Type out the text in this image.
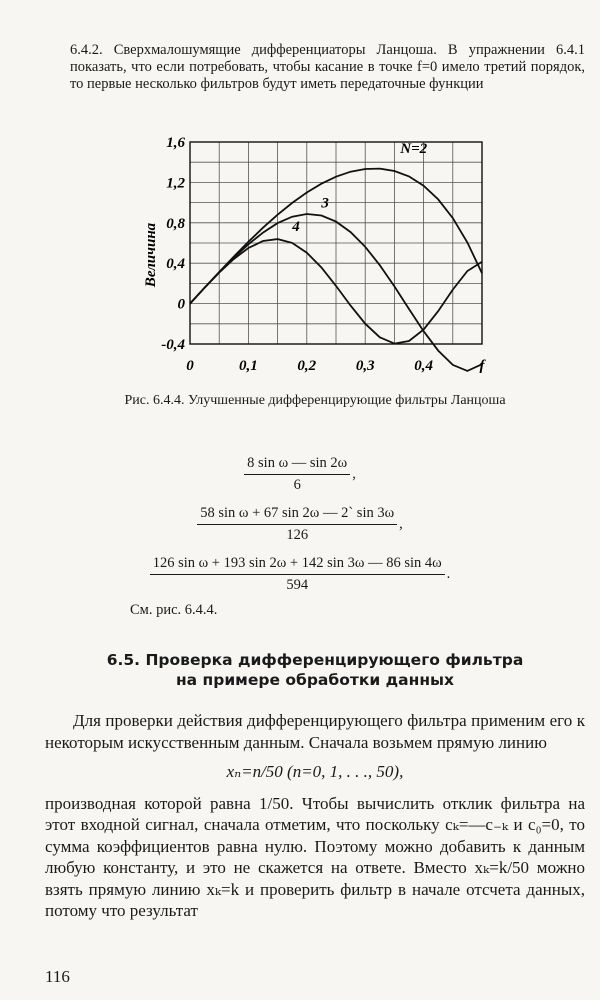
6.4.2. Сверхмалошумящие дифференциаторы Ланцоша. В упражнении 6.4.1 показать, что если потребовать, чтобы касание в точке f=0 имело третий порядок, то первые несколько фильтров будут иметь передаточные функции
N=2
3
4
0	0,1	0,2	0,3	0,4	f
1,6
1,2
0,8
0,4
0
-0,4
Величина
Рис. 6.4.4. Улучшенные дифференцирующие фильтры Ланцоша
$\frac{\text{8 sin ω — sin 2ω}}{6}$ ,
$\frac{\text{58 sin ω + 67 sin 2ω — 2` sin 3ω}}{126}$ ,
$\frac{\text{126 sin ω + 193 sin 2ω + 142 sin 3ω — 86 sin 4ω}}{594}$ .
См. рис. 6.4.4.
6.5. Проверка дифференцирующего фильтра
на примере обработки данных

Для проверки действия дифференцирующего фильтра применим его к некоторым искусственным данным. Сначала возьмем прямую линию

xₙ=n/50 (n=0, 1, . . ., 50),

производная которой равна 1/50. Чтобы вычислить отклик фильтра на этот входной сигнал, сначала отметим, что поскольку cₖ=—c₋ₖ и c₀=0, то сумма коэффициентов равна нулю. Поэтому можно добавить к данным любую константу, и это не скажется на ответе. Вместо xₖ=k/50 можно взять прямую линию xₖ=k и проверить фильтр в начале отсчета данных, потому что результат

116
